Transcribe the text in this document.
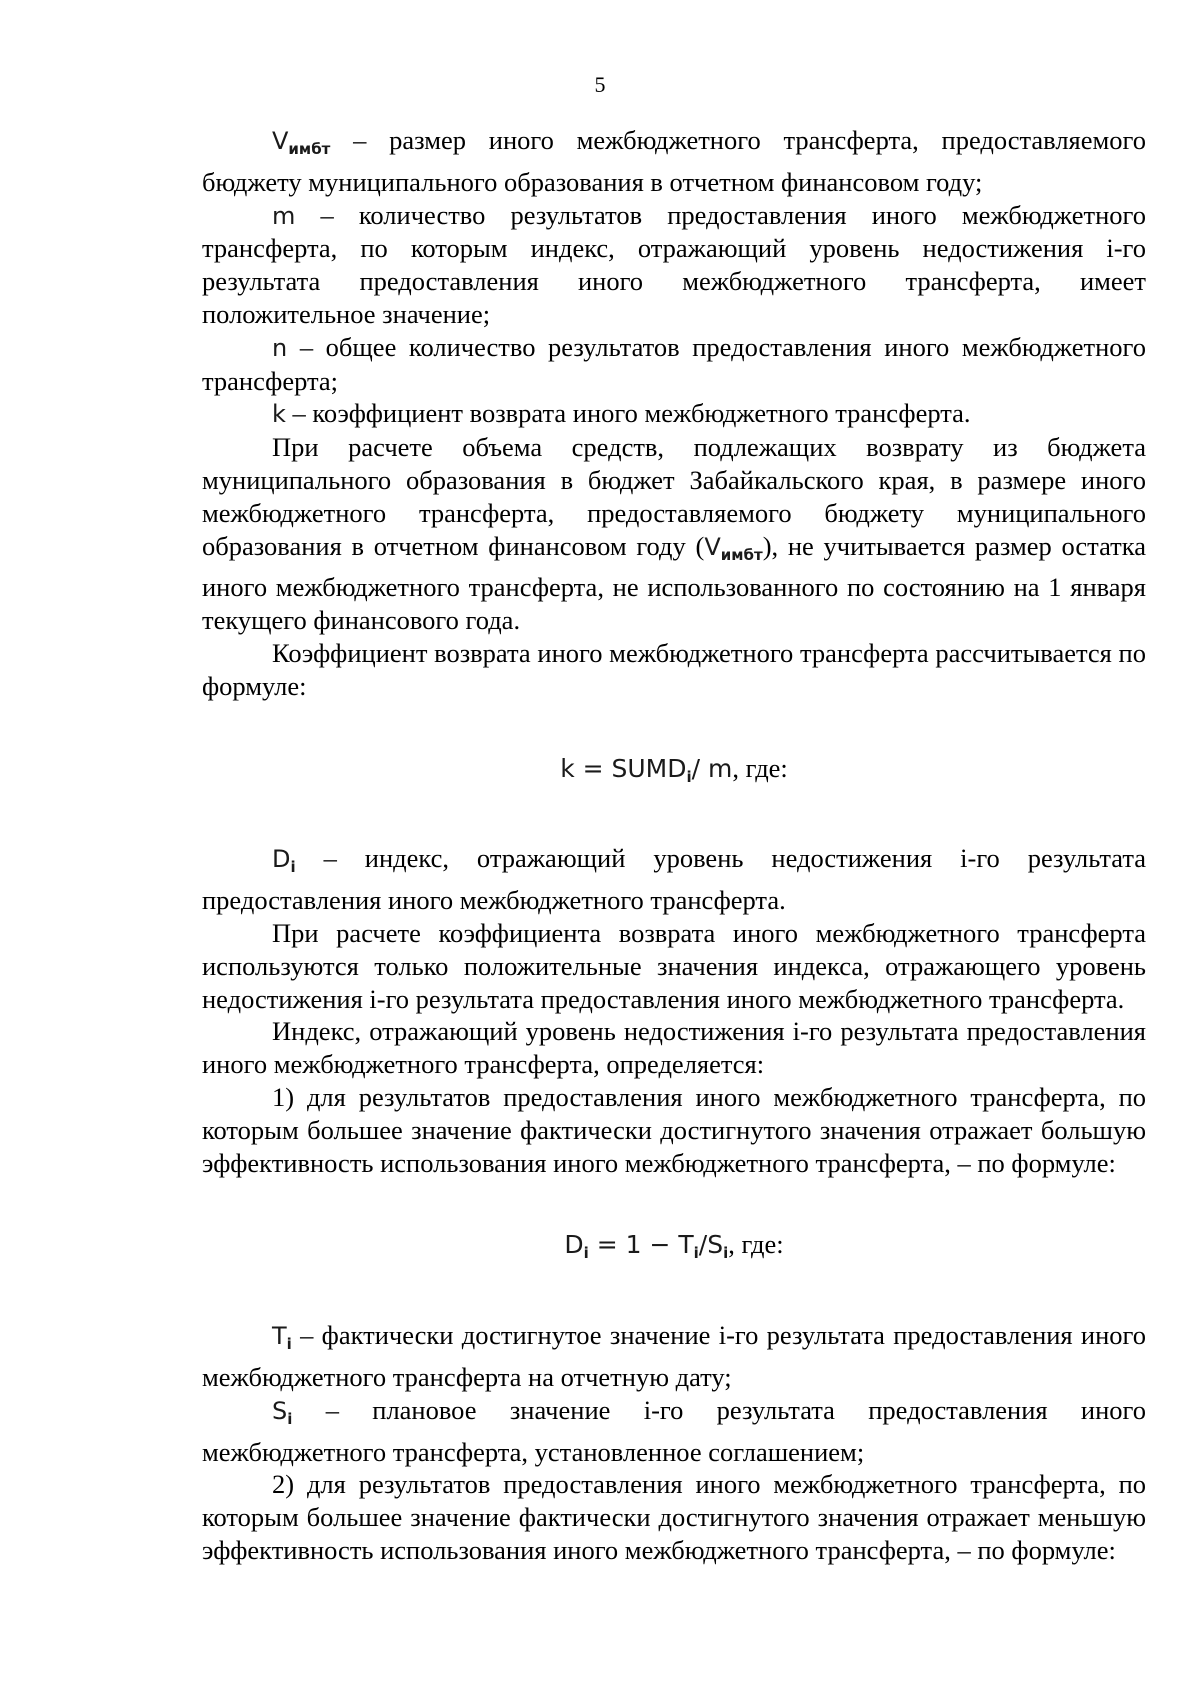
5

$V_{имбт}$ – размер иного межбюджетного трансферта, предоставляемого бюджету муниципального образования в отчетном финансовом году;

m – количество результатов предоставления иного межбюджетного трансферта, по которым индекс, отражающий уровень недостижения i-го результата предоставления иного межбюджетного трансферта, имеет положительное значение;

n – общее количество результатов предоставления иного межбюджетного трансферта;

k – коэффициент возврата иного межбюджетного трансферта.

При расчете объема средств, подлежащих возврату из бюджета муниципального образования в бюджет Забайкальского края, в размере иного межбюджетного трансферта, предоставляемого бюджету муниципального образования в отчетном финансовом году $(V_{имбт})$, не учитывается размер остатка иного межбюджетного трансферта, не использованного по состоянию на 1 января текущего финансового года.

Коэффициент возврата иного межбюджетного трансферта рассчитывается по формуле:

$k = SUMD_i/$ m, где:

$D_i$ – индекс, отражающий уровень недостижения i-го результата предоставления иного межбюджетного трансферта.

При расчете коэффициента возврата иного межбюджетного трансферта используются только положительные значения индекса, отражающего уровень недостижения i-го результата предоставления иного межбюджетного трансферта.

Индекс, отражающий уровень недостижения i-го результата предоставления иного межбюджетного трансферта, определяется:

1) для результатов предоставления иного межбюджетного трансферта, по которым большее значение фактически достигнутого значения отражает большую эффективность использования иного межбюджетного трансферта, – по формуле:

$D_i = 1 - T_i/S_i$, где:

$T_i$ – фактически достигнутое значение i-го результата предоставления иного межбюджетного трансферта на отчетную дату;

$S_i$ – плановое значение i-го результата предоставления иного межбюджетного трансферта, установленное соглашением;

2) для результатов предоставления иного межбюджетного трансферта, по которым большее значение фактически достигнутого значения отражает меньшую эффективность использования иного межбюджетного трансферта, – по формуле:
